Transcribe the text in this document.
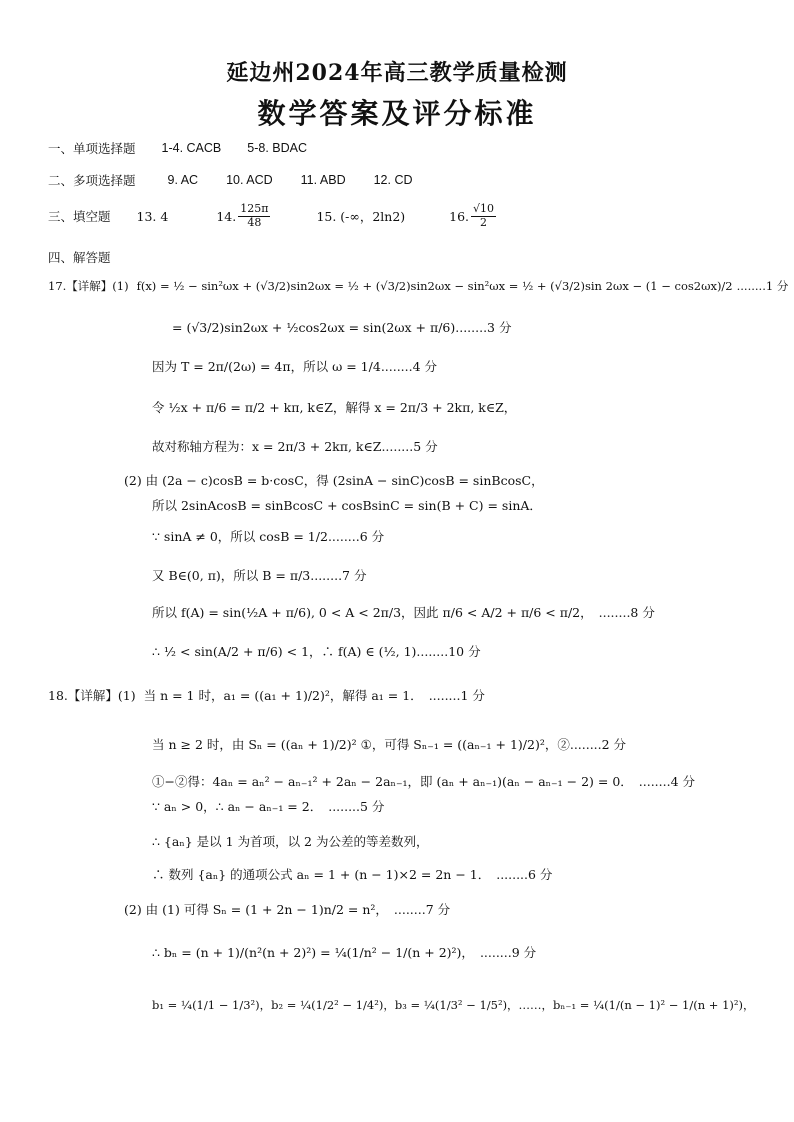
延边州2024年高三教学质量检测
数学答案及评分标准
一、单项选择题 1-4. CACB 5-8. BDAC
二、多项选择题	9. AC 10. ACD 11. ABD 12. CD
三、填空题 13. 4	14. $\frac{125\pi}{48}$	15. (-∞，2ln2)	16. $\frac{√10}{2}$
四、解答题
17.【详解】(1) f(x) = ½ − sin²ωx + (√3/2)sin2ωx = ½ + (√3/2)sin2ωx − sin²ωx = ½ + (√3/2)sin 2ωx − (1 − cos2ωx)/2 ........1 分
= (√3/2)sin2ωx + ½cos2ωx = sin(2ωx + π/6) ........3 分
因为 T = 2π/(2ω) = 4π，所以 ω = 1/4 ........4 分
令 ½x + π/6 = π/2 + kπ, k∈Z，解得 x = 2π/3 + 2kπ, k∈Z，
故对称轴方程为：x = 2π/3 + 2kπ, k∈Z ........5 分
(2) 由 (2a − c)cosB = b·cosC，得 (2sinA − sinC)cosB = sinBcosC，
所以 2sinAcosB = sinBcosC + cosBsinC = sin(B + C) = sinA．
∵ sinA ≠ 0，所以 cosB = 1/2 ........6 分
又 B∈(0, π)，所以 B = π/3 ........7 分
所以 f(A) = sin(½A + π/6), 0 < A < 2π/3，因此 π/6 < A/2 + π/6 < π/2， ........8 分
∴ ½ < sin(A/2 + π/6) < 1，∴ f(A) ∈ (½, 1) ........10 分
18.【详解】(1) 当 n = 1 时，a₁ = ((a₁ + 1)/2)²，解得 a₁ = 1． ........1 分
当 n ≥ 2 时，由 Sₙ = ((aₙ + 1)/2)² ①，可得 Sₙ₋₁ = ((aₙ₋₁ + 1)/2)²，② ........2 分
①−②得：4aₙ = aₙ² − aₙ₋₁² + 2aₙ − 2aₙ₋₁，即 (aₙ + aₙ₋₁)(aₙ − aₙ₋₁ − 2) = 0． ........4 分
∵ aₙ > 0，∴ aₙ − aₙ₋₁ = 2． ........5 分
∴ {aₙ} 是以 1 为首项，以 2 为公差的等差数列，
∴ 数列 {aₙ} 的通项公式 aₙ = 1 + (n − 1)×2 = 2n − 1． ........6 分
(2) 由 (1) 可得 Sₙ = (1 + 2n − 1)n/2 = n²， ........7 分
∴ bₙ = (n + 1)/(n²(n + 2)²) = ¼(1/n² − 1/(n + 2)²)， ........9 分
b₁ = ¼(1/1 − 1/3²)，b₂ = ¼(1/2² − 1/4²)，b₃ = ¼(1/3² − 1/5²)，……，bₙ₋₁ = ¼(1/(n − 1)² − 1/(n + 1)²)，
